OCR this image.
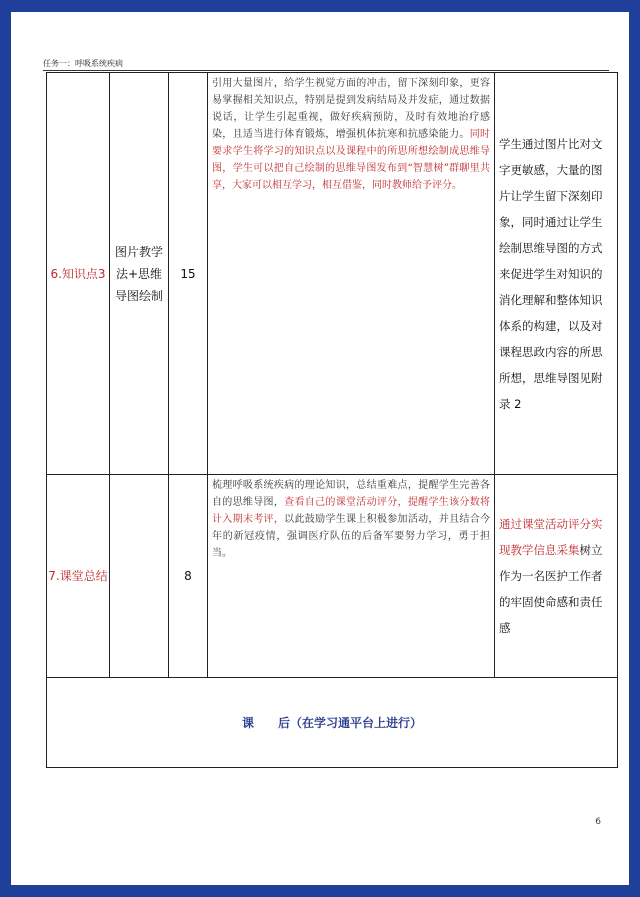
任务一：呼吸系统疾病
6.知识点3	图片教学法+思维导图绘制	15	引用大量图片，给学生视觉方面的冲击，留下深刻印象，更容易掌握相关知识点，特别是提到发病结局及并发症，通过数据说话，让学生引起重视，做好疾病预防，及时有效地治疗感染，且适当进行体育锻炼，增强机体抗寒和抗感染能力。同时要求学生将学习的知识点以及课程中的所思所想绘制成思维导图，学生可以把自己绘制的思维导图发布到“智慧树”群聊里共享，大家可以相互学习，相互借鉴，同时教师给予评分。	学生通过图片比对文字更敏感，大量的图片让学生留下深刻印象，同时通过让学生绘制思维导图的方式来促进学生对知识的消化理解和整体知识体系的构建，以及对课程思政内容的所思所想，思维导图见附录 2
7.课堂总结		8	梳理呼吸系统疾病的理论知识，总结重难点，提醒学生完善各自的思维导图，查看自己的课堂活动评分，提醒学生该分数将计入期末考评，以此鼓励学生课上积极参加活动，并且结合今年的新冠疫情，强调医疗队伍的后备军要努力学习，勇于担当。	通过课堂活动评分实现教学信息采集树立作为一名医护工作者的牢固使命感和责任感
课　　后（在学习通平台上进行）				
6
